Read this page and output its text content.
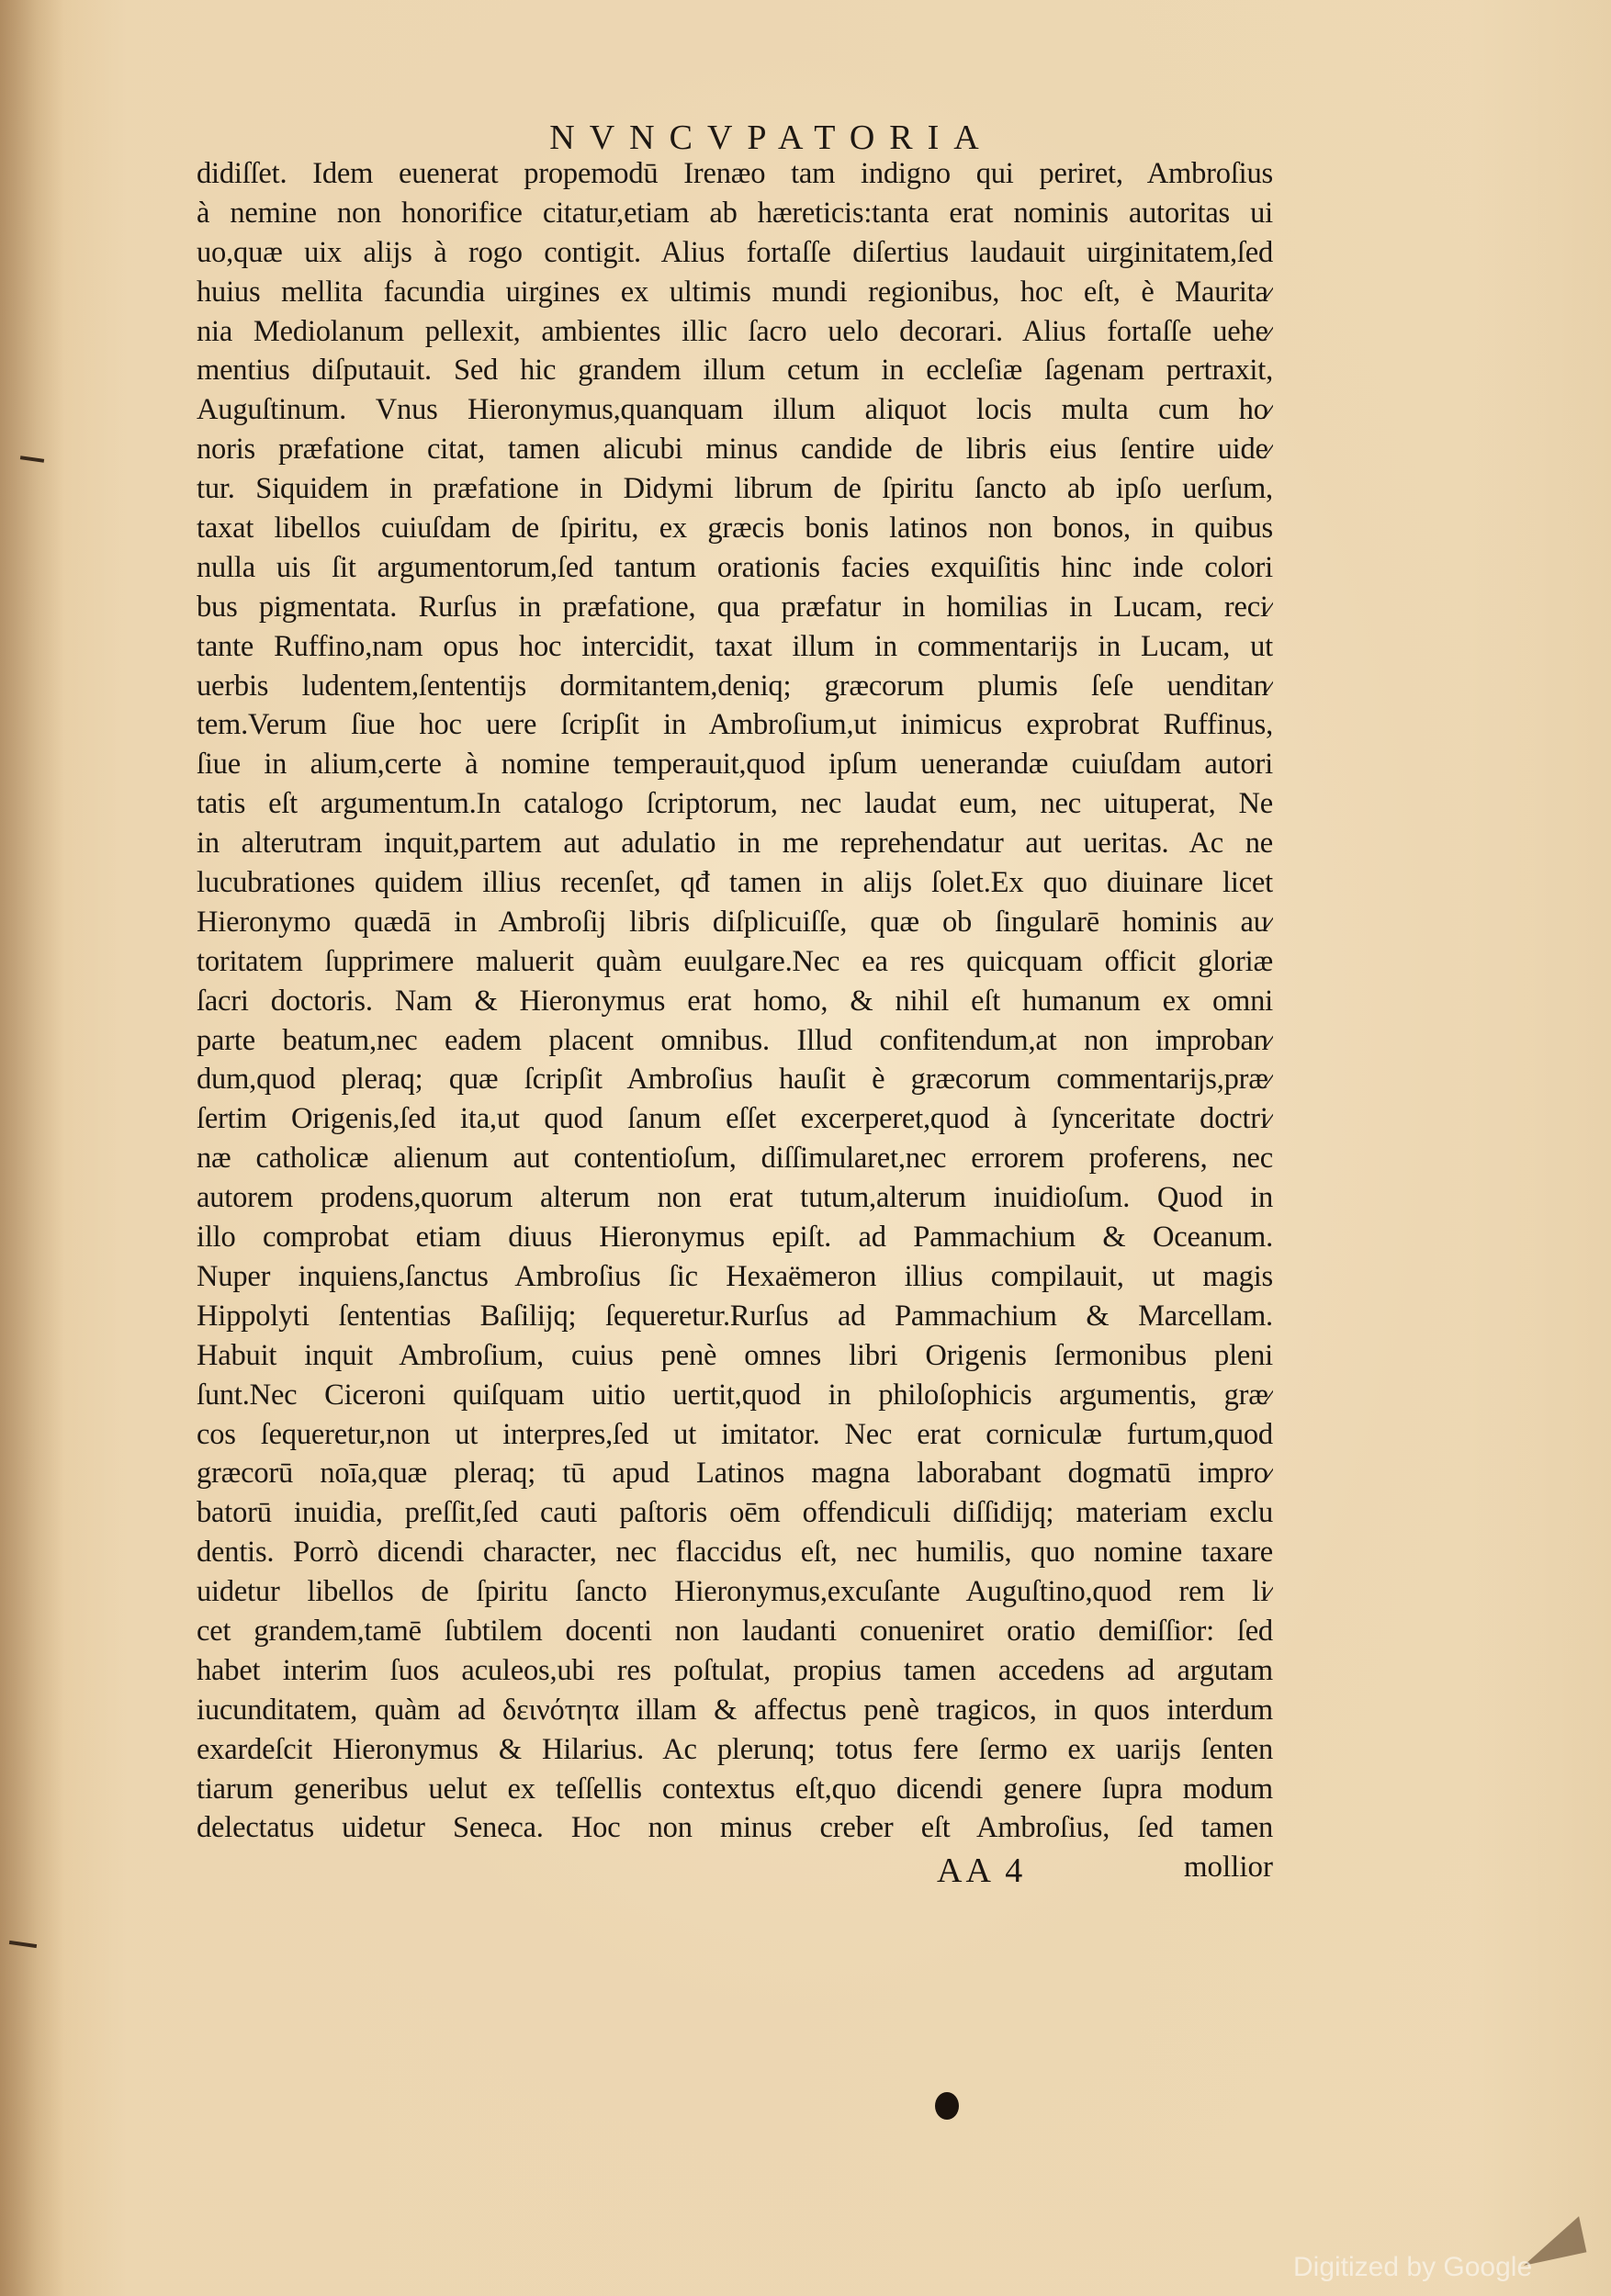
NVNCVPATORIA
didiſſet. Idem euenerat propemodū Irenæo tam indigno qui periret, Ambroſius
à nemine non honorifice citatur,etiam ab hæreticis:tanta erat nominis autoritas ui
uo,quæ uix alijs à rogo contigit. Alius fortaſſe diſertius laudauit uirginitatem,ſed
huius mellita facundia uirgines ex ultimis mundi regionibus, hoc eſt, è Maurita⁄
nia Mediolanum pellexit, ambientes illic ſacro uelo decorari. Alius fortaſſe uehe⁄
mentius diſputauit. Sed hic grandem illum cetum in eccleſiæ ſagenam pertraxit,
Auguſtinum. Vnus Hieronymus,quanquam illum aliquot locis multa cum ho⁄
noris præfatione citat, tamen alicubi minus candide de libris eius ſentire uide⁄
tur. Siquidem in præfatione in Didymi librum de ſpiritu ſancto ab ipſo uerſum,
taxat libellos cuiuſdam de ſpiritu, ex græcis bonis latinos non bonos, in quibus
nulla uis ſit argumentorum,ſed tantum orationis facies exquiſitis hinc inde colori
bus pigmentata. Rurſus in præfatione, qua præfatur in homilias in Lucam, reci⁄
tante Ruffino,nam opus hoc intercidit, taxat illum in commentarijs in Lucam, ut
uerbis ludentem,ſententijs dormitantem,deniq; græcorum plumis ſeſe uenditan⁄
tem.Verum ſiue hoc uere ſcripſit in Ambroſium,ut inimicus exprobrat Ruffinus,
ſiue in alium,certe à nomine temperauit,quod ipſum uenerandæ cuiuſdam autori
tatis eſt argumentum.In catalogo ſcriptorum, nec laudat eum, nec uituperat, Ne
in alterutram inquit,partem aut adulatio in me reprehendatur aut ueritas. Ac ne
lucubrationes quidem illius recenſet, qđ tamen in alijs ſolet.Ex quo diuinare licet
Hieronymo quædā in Ambroſij libris diſplicuiſſe, quæ ob ſingularē hominis au⁄
toritatem ſupprimere maluerit quàm euulgare.Nec ea res quicquam officit gloriæ
ſacri doctoris. Nam & Hieronymus erat homo, & nihil eſt humanum ex omni
parte beatum,nec eadem placent omnibus. Illud confitendum,at non improban⁄
dum,quod pleraq; quæ ſcripſit Ambroſius hauſit è græcorum commentarijs,præ⁄
ſertim Origenis,ſed ita,ut quod ſanum eſſet excerperet,quod à ſynceritate doctri⁄
næ catholicæ alienum aut contentioſum, diſſimularet,nec errorem proferens, nec
autorem prodens,quorum alterum non erat tutum,alterum inuidioſum. Quod in
illo comprobat etiam diuus Hieronymus epiſt. ad Pammachium & Oceanum.
Nuper inquiens,ſanctus Ambroſius ſic Hexaëmeron illius compilauit, ut magis
Hippolyti ſententias Baſilijq; ſequeretur.Rurſus ad Pammachium & Marcellam.
Habuit inquit Ambroſium, cuius penè omnes libri Origenis ſermonibus pleni
ſunt.Nec Ciceroni quiſquam uitio uertit,quod in philoſophicis argumentis, græ⁄
cos ſequeretur,non ut interpres,ſed ut imitator. Nec erat corniculæ furtum,quod
græcorū noīa,quæ pleraq; tū apud Latinos magna laborabant dogmatū impro⁄
batorū inuidia, preſſit,ſed cauti paſtoris oēm offendiculi diſſidijq; materiam exclu
dentis. Porrò dicendi character, nec flaccidus eſt, nec humilis, quo nomine taxare
uidetur libellos de ſpiritu ſancto Hieronymus,excuſante Auguſtino,quod rem li⁄
cet grandem,tamē ſubtilem docenti non laudanti conueniret oratio demiſſior: ſed
habet interim ſuos aculeos,ubi res poſtulat, propius tamen accedens ad argutam
iucunditatem, quàm ad δεινότητα illam & affectus penè tragicos, in quos interdum
exardeſcit Hieronymus & Hilarius. Ac plerunq; totus fere ſermo ex uarijs ſenten
tiarum generibus uelut ex teſſellis contextus eſt,quo dicendi genere ſupra modum
delectatus uidetur Seneca. Hoc non minus creber eſt Ambroſius, ſed tamen
AA 4	mollior
Digitized by Google
